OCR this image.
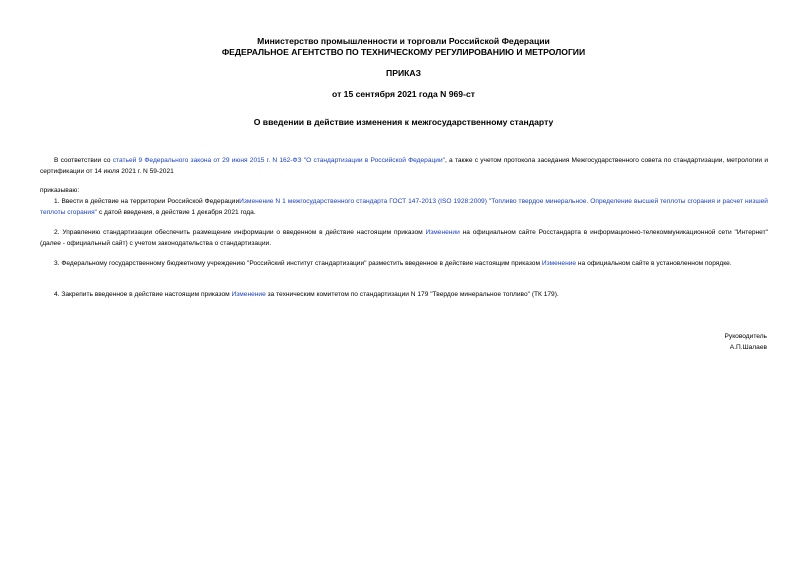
Министерство промышленности и торговли Российской Федерации
ФЕДЕРАЛЬНОЕ АГЕНТСТВО ПО ТЕХНИЧЕСКОМУ РЕГУЛИРОВАНИЮ И МЕТРОЛОГИИ
ПРИКАЗ
от 15 сентября 2021 года N 969-ст
О введении в действие изменения к межгосударственному стандарту
В соответствии со статьей 9 Федерального закона от 29 июня 2015 г. N 162-ФЗ "О стандартизации в Российской Федерации", а также с учетом протокола заседания Межгосударственного совета по стандартизации, метрологии и сертификации от 14 июля 2021 г. N 59-2021
приказываю:
1. Ввести в действие на территории Российской ФедерацииИзменение N 1 межгосударственного стандарта ГОСТ 147-2013 (ISO 1928:2009) "Топливо твердое минеральное. Определение высшей теплоты сгорания и расчет низшей теплоты сгорания" с датой введения, в действие 1 декабря 2021 года.
2. Управлению стандартизации обеспечить размещение информации о введенном в действие настоящим приказом Изменении на официальном сайте Росстандарта в информационно-телекоммуникационной сети "Интернет" (далее - официальный сайт) с учетом законодательства о стандартизации.
3. Федеральному государственному бюджетному учреждению "Российский институт стандартизации" разместить введенное в действие настоящим приказом Изменение на официальном сайте в установленном порядке.
4. Закрепить введенное в действие настоящим приказом Изменение за техническим комитетом по стандартизации N 179 "Твердое минеральное топливо" (ТК 179).
Руководитель
А.П.Шалаев
